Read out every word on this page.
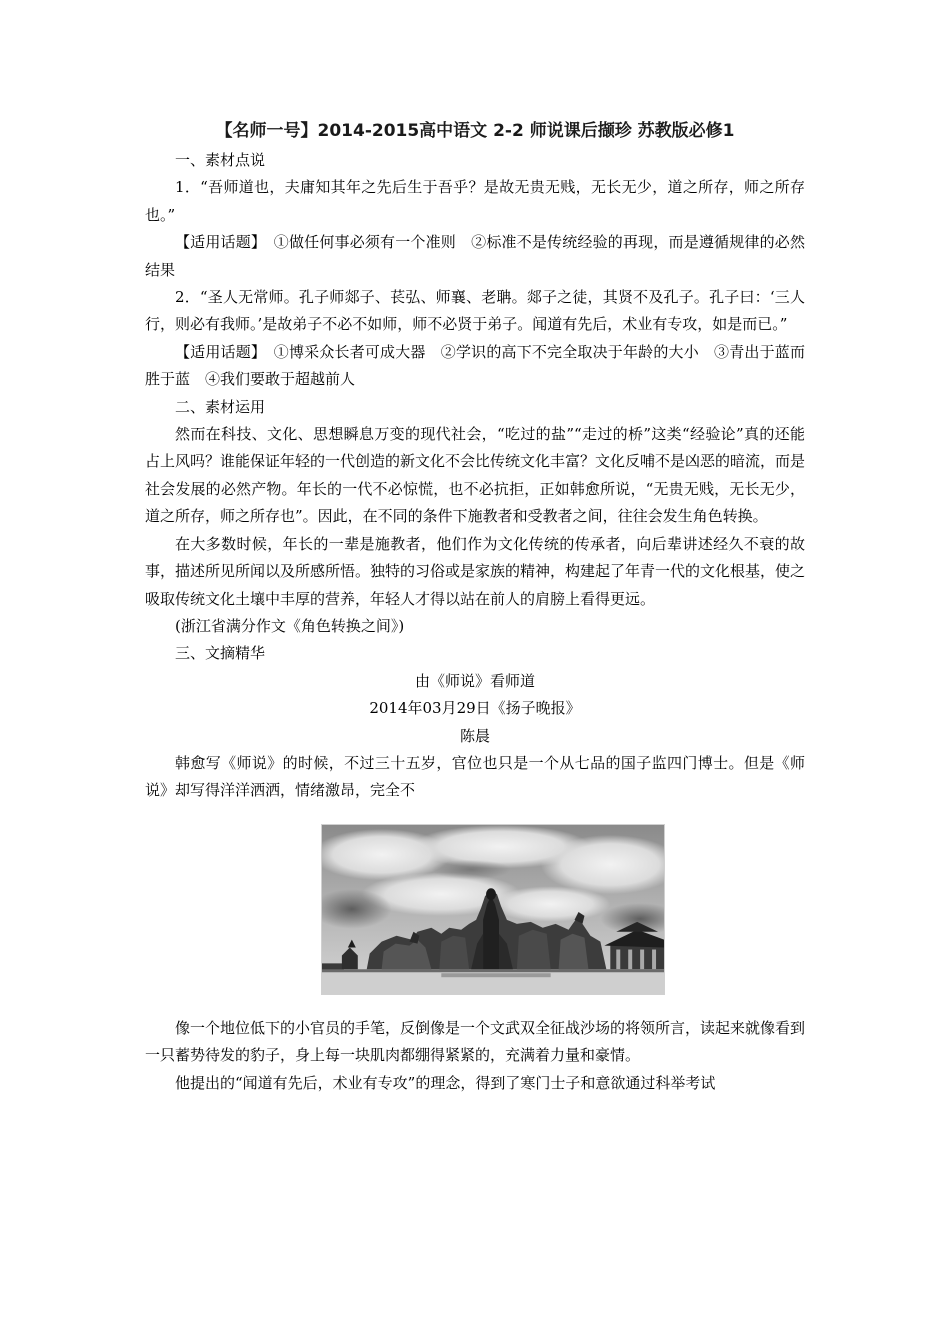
【名师一号】2014-2015高中语文 2-2 师说课后撷珍 苏教版必修1

一、素材点说

1．“吾师道也，夫庸知其年之先后生于吾乎？是故无贵无贱，无长无少，道之所存，师之所存也。”

【适用话题】　 ①做任何事必须有一个准则　②标准不是传统经验的再现，而是遵循规律的必然结果

2．“圣人无常师。孔子师郯子、苌弘、师襄、老聃。郯子之徒，其贤不及孔子。孔子曰：‘三人行，则必有我师。’是故弟子不必不如师，师不必贤于弟子。闻道有先后，术业有专攻，如是而已。”

【适用话题】　 ①博采众长者可成大器　②学识的高下不完全取决于年龄的大小　③青出于蓝而胜于蓝　④我们要敢于超越前人

二、素材运用

然而在科技、文化、思想瞬息万变的现代社会，“吃过的盐”“走过的桥”这类“经验论”真的还能占上风吗？谁能保证年轻的一代创造的新文化不会比传统文化丰富？文化反哺不是凶恶的暗流，而是社会发展的必然产物。年长的一代不必惊慌，也不必抗拒，正如韩愈所说，“无贵无贱，无长无少，道之所存，师之所存也”。因此，在不同的条件下施教者和受教者之间，往往会发生角色转换。

在大多数时候，年长的一辈是施教者，他们作为文化传统的传承者，向后辈讲述经久不衰的故事，描述所见所闻以及所感所悟。独特的习俗或是家族的精神，构建起了年青一代的文化根基，使之吸取传统文化土壤中丰厚的营养，年轻人才得以站在前人的肩膀上看得更远。

(浙江省满分作文《角色转换之间》)

三、文摘精华

由《师说》看师道

2014年03月29日《扬子晚报》

陈晨

韩愈写《师说》的时候，不过三十五岁，官位也只是一个从七品的国子监四门博士。但是《师说》却写得洋洋洒洒，情绪激昂，完全不

像一个地位低下的小官员的手笔，反倒像是一个文武双全征战沙场的将领所言，读起来就像看到一只蓄势待发的豹子，身上每一块肌肉都绷得紧紧的，充满着力量和豪情。

他提出的“闻道有先后，术业有专攻”的理念，得到了寒门士子和意欲通过科举考试
